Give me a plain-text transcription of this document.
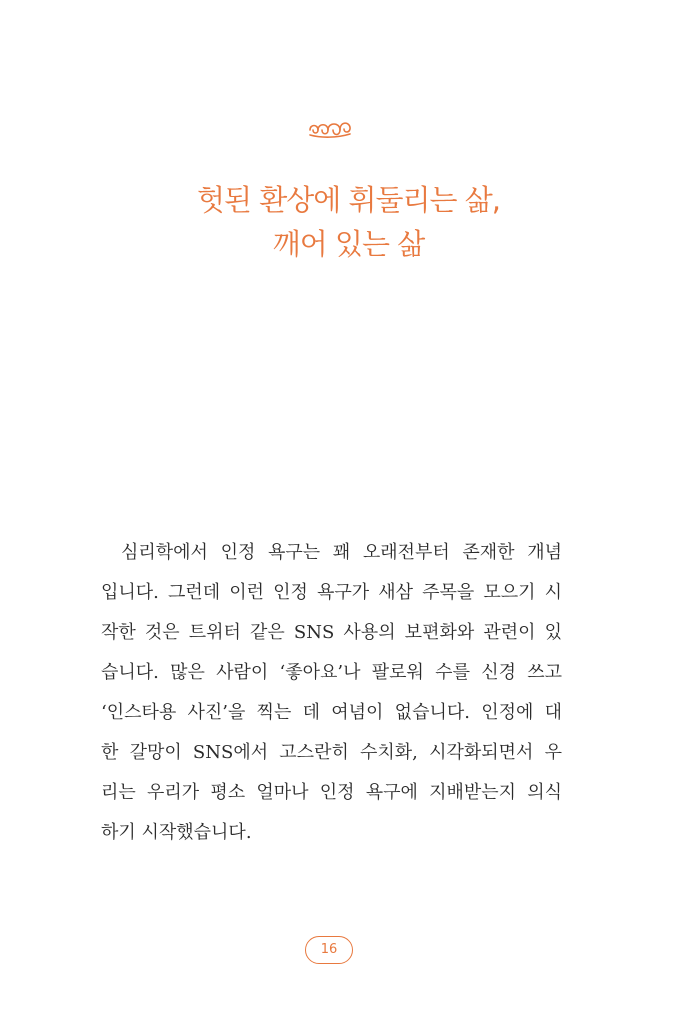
헛된 환상에 휘둘리는 삶,
깨어 있는 삶
심리학에서 인정 욕구는 꽤 오래전부터 존재한 개념
입니다. 그런데 이런 인정 욕구가 새삼 주목을 모으기 시
작한 것은 트위터 같은 SNS 사용의 보편화와 관련이 있
습니다. 많은 사람이 ‘좋아요’나 팔로워 수를 신경 쓰고
‘인스타용 사진’을 찍는 데 여념이 없습니다. 인정에 대
한 갈망이 SNS에서 고스란히 수치화, 시각화되면서 우
리는 우리가 평소 얼마나 인정 욕구에 지배받는지 의식
하기 시작했습니다.
16
